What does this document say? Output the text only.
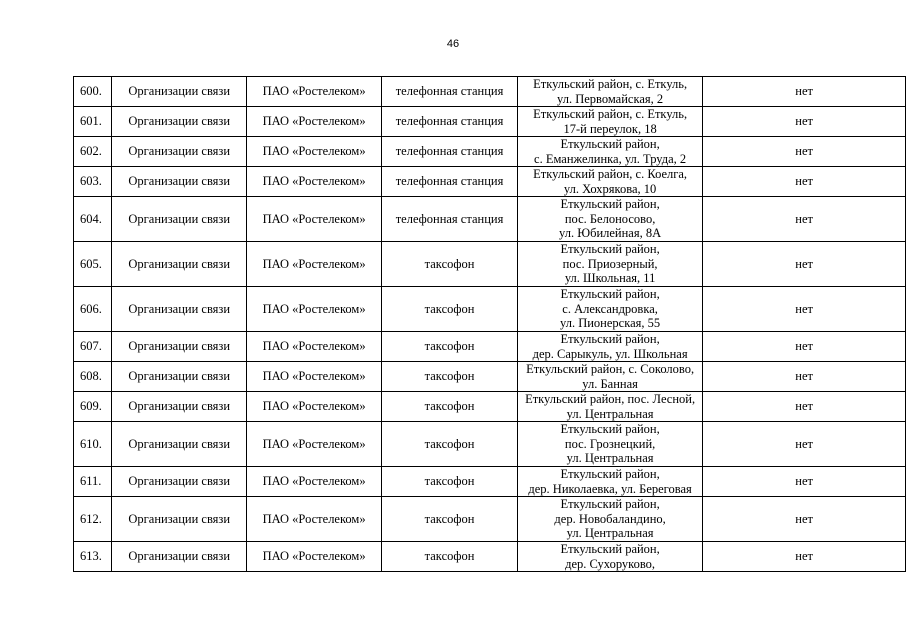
46
600.	Организации связи	ПАО «Ростелеком»	телефонная станция	Еткульский район, с. Еткуль,
ул. Первомайская, 2	нет
601.	Организации связи	ПАО «Ростелеком»	телефонная станция	Еткульский район, с. Еткуль,
17-й переулок, 18	нет
602.	Организации связи	ПАО «Ростелеком»	телефонная станция	Еткульский район,
с. Еманжелинка, ул. Труда, 2	нет
603.	Организации связи	ПАО «Ростелеком»	телефонная станция	Еткульский район, с. Коелга,
ул. Хохрякова, 10	нет
604.	Организации связи	ПАО «Ростелеком»	телефонная станция	Еткульский район,
пос. Белоносово,
ул. Юбилейная, 8А	нет
605.	Организации связи	ПАО «Ростелеком»	таксофон	Еткульский район,
пос. Приозерный,
ул. Школьная, 11	нет
606.	Организации связи	ПАО «Ростелеком»	таксофон	Еткульский район,
с. Александровка,
ул. Пионерская, 55	нет
607.	Организации связи	ПАО «Ростелеком»	таксофон	Еткульский район,
дер. Сарыкуль, ул. Школьная	нет
608.	Организации связи	ПАО «Ростелеком»	таксофон	Еткульский район, с. Соколово,
ул. Банная	нет
609.	Организации связи	ПАО «Ростелеком»	таксофон	Еткульский район, пос. Лесной,
ул. Центральная	нет
610.	Организации связи	ПАО «Ростелеком»	таксофон	Еткульский район,
пос. Грознецкий,
ул. Центральная	нет
611.	Организации связи	ПАО «Ростелеком»	таксофон	Еткульский район,
дер. Николаевка, ул. Береговая	нет
612.	Организации связи	ПАО «Ростелеком»	таксофон	Еткульский район,
дер. Новобаландино,
ул. Центральная	нет
613.	Организации связи	ПАО «Ростелеком»	таксофон	Еткульский район,
дер. Сухоруково,	нет
